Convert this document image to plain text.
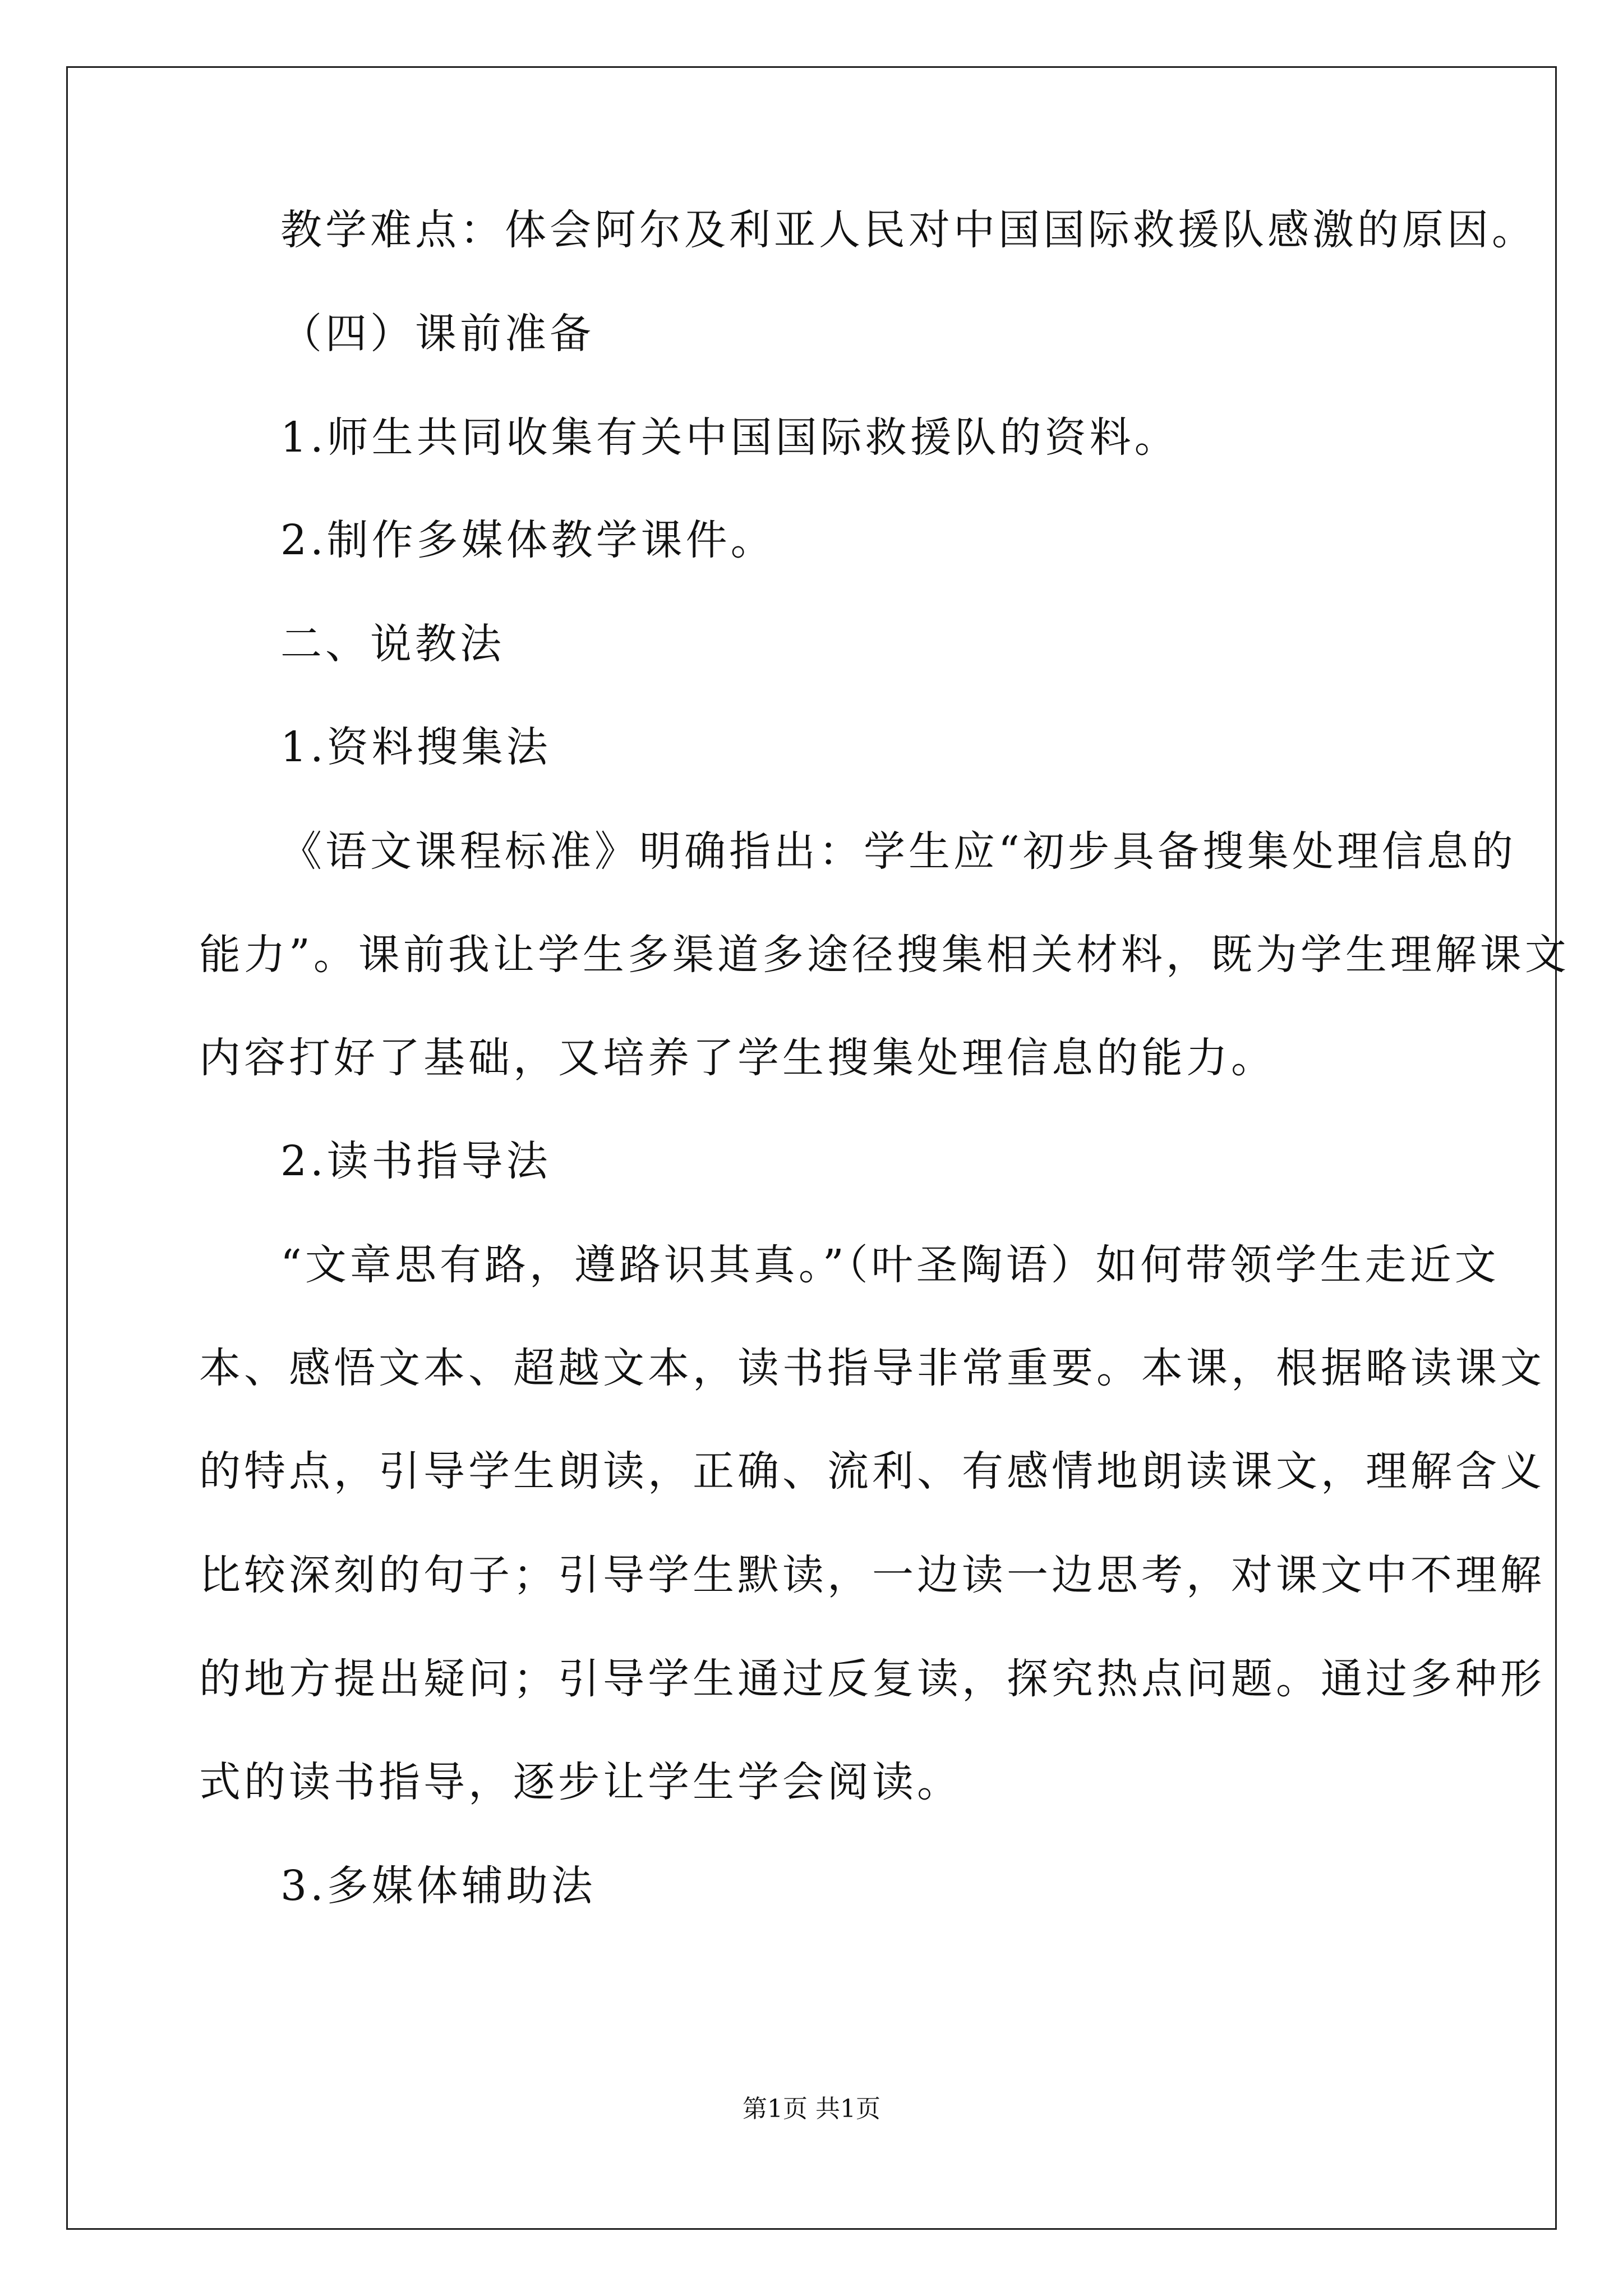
教学难点：体会阿尔及利亚人民对中国国际救援队感激的原因。
（四）课前准备
1.师生共同收集有关中国国际救援队的资料。
2.制作多媒体教学课件。
二、说教法
1.资料搜集法
《语文课程标准》明确指出：学生应“初步具备搜集处理信息的
能力”。课前我让学生多渠道多途径搜集相关材料，既为学生理解课文
内容打好了基础，又培养了学生搜集处理信息的能力。
2.读书指导法
“文章思有路，遵路识其真。”（叶圣陶语）如何带领学生走近文
本、感悟文本、超越文本，读书指导非常重要。本课，根据略读课文
的特点，引导学生朗读，正确、流利、有感情地朗读课文，理解含义
比较深刻的句子；引导学生默读，一边读一边思考，对课文中不理解
的地方提出疑问；引导学生通过反复读，探究热点问题。通过多种形
式的读书指导，逐步让学生学会阅读。
3.多媒体辅助法
第1页 共1页
